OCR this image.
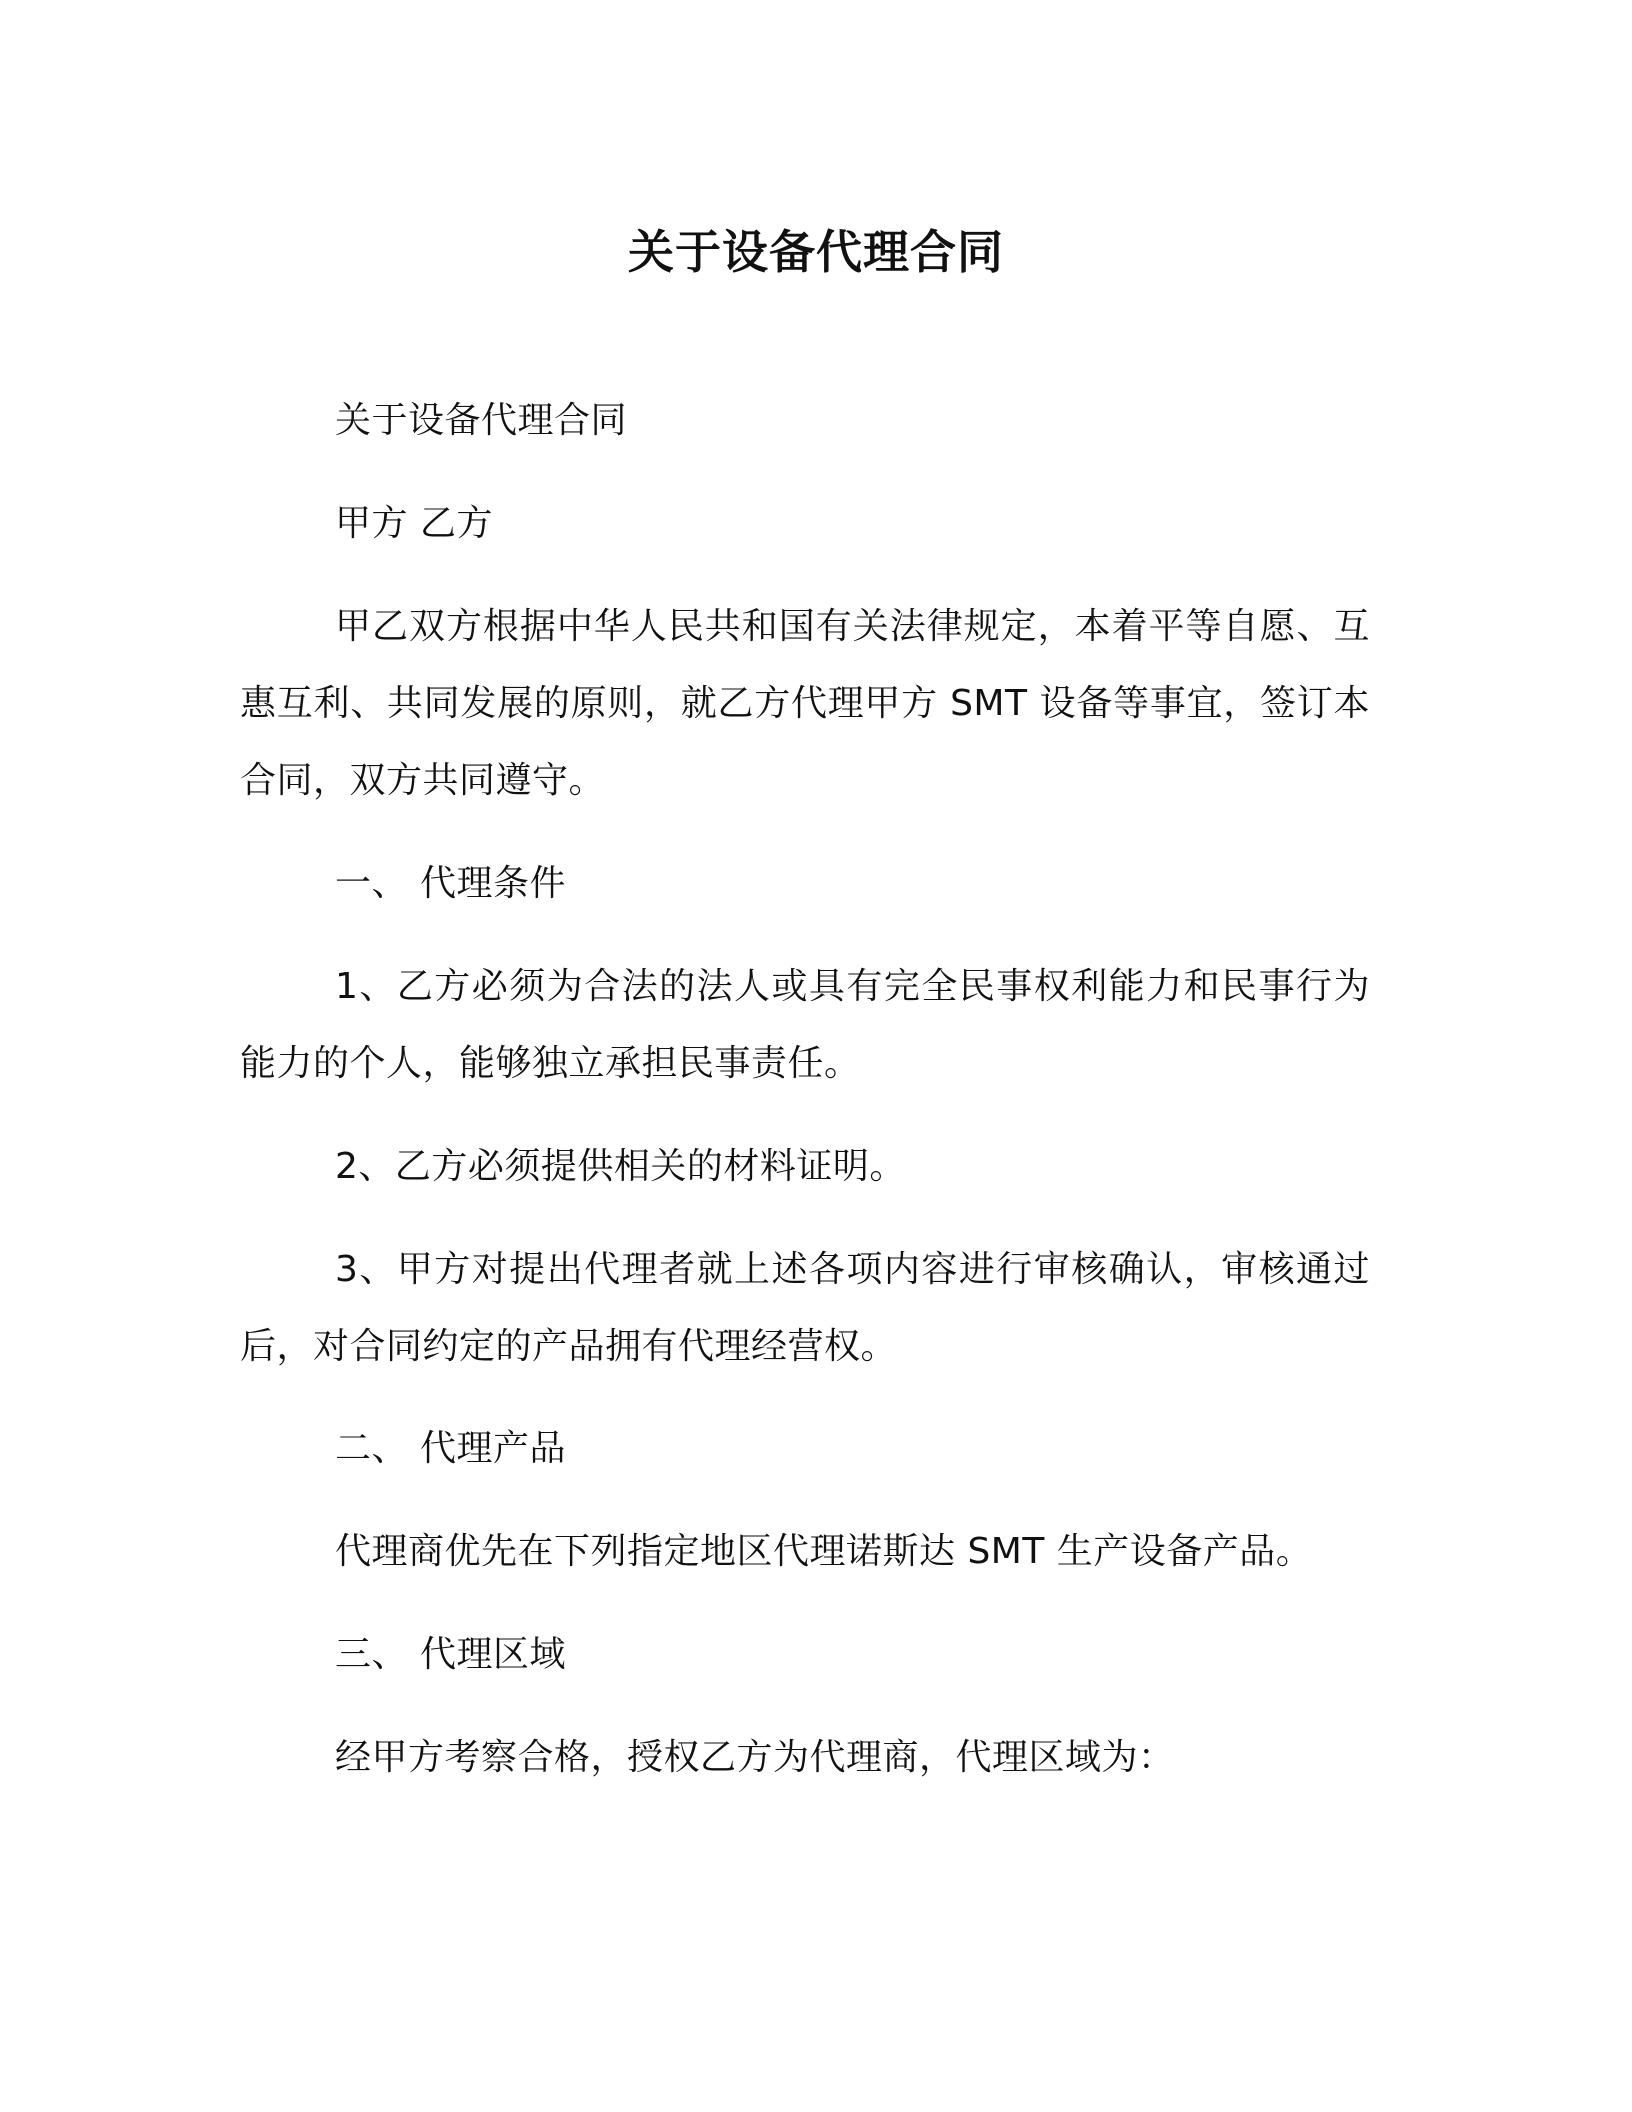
关于设备代理合同

关于设备代理合同

甲方 乙方

甲乙双方根据中华人民共和国有关法律规定，本着平等自愿、互惠互利、共同发展的原则，就乙方代理甲方 SMT 设备等事宜，签订本合同，双方共同遵守。

一、 代理条件

1、乙方必须为合法的法人或具有完全民事权利能力和民事行为能力的个人，能够独立承担民事责任。

2、乙方必须提供相关的材料证明。

3、甲方对提出代理者就上述各项内容进行审核确认，审核通过后，对合同约定的产品拥有代理经营权。

二、 代理产品

代理商优先在下列指定地区代理诺斯达 SMT 生产设备产品。

三、 代理区域

经甲方考察合格，授权乙方为代理商，代理区域为：
